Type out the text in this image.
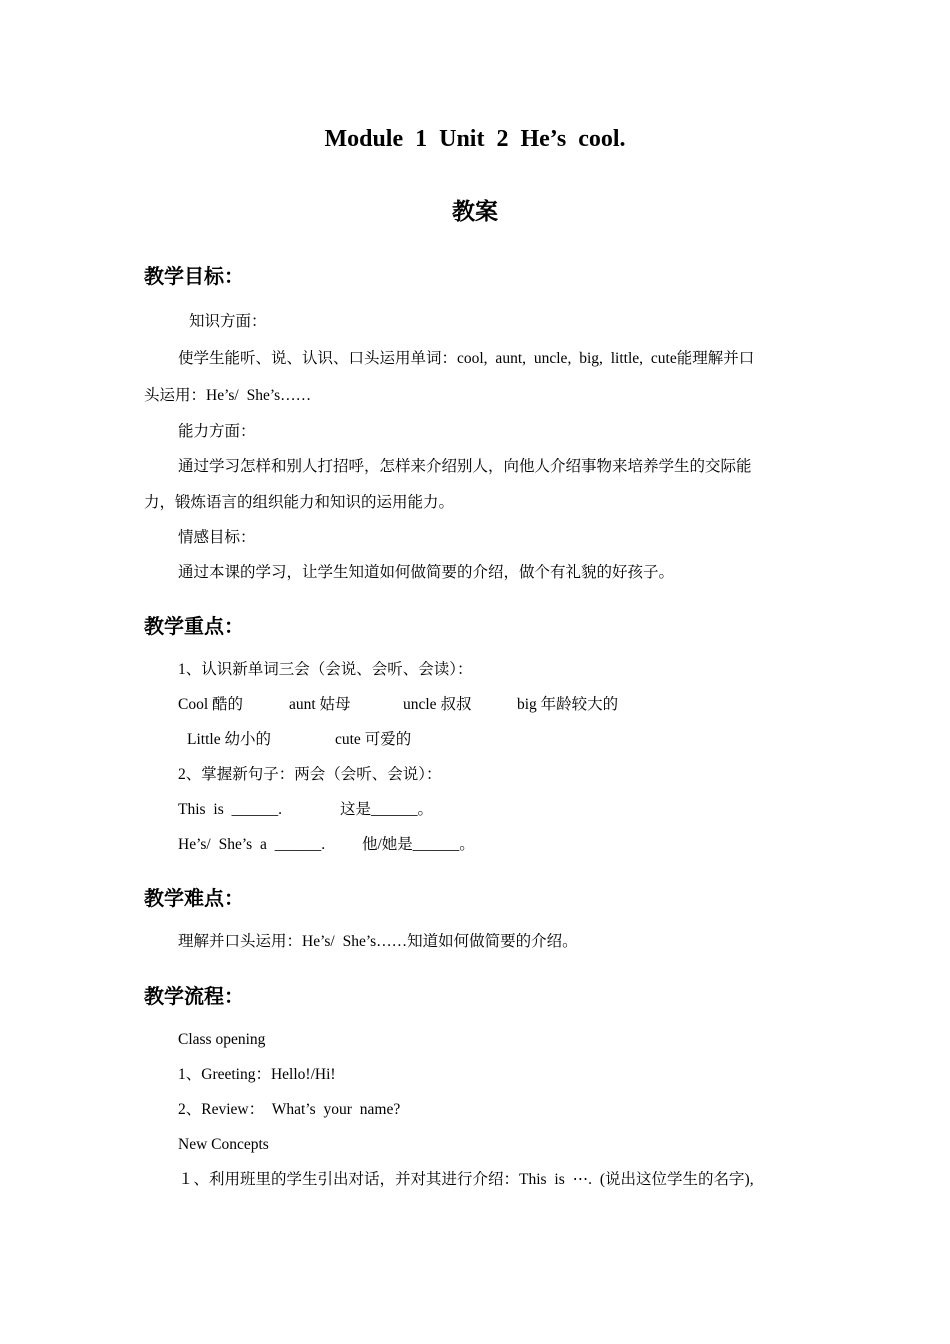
Module 1 Unit 2 He’s cool.
教案
教学目标：
知识方面：
使学生能听、说、认识、口头运用单词：cool, aunt, uncle, big, little, cute能理解并口
头运用：He’s/ She’s……
能力方面：
通过学习怎样和别人打招呼，怎样来介绍别人，向他人介绍事物来培养学生的交际能
力，锻炼语言的组织能力和知识的运用能力。
情感目标：
通过本课的学习，让学生知道如何做简要的介绍，做个有礼貌的好孩子。
教学重点：
1、认识新单词三会（会说、会听、会读）：
Cool 酷的	aunt 姑母	uncle 叔叔	big 年龄较大的
Little 幼小的	cute 可爱的
2、掌握新句子：两会（会听、会说）：
This is ______.	这是______。
He’s/ She’s a ______. 他/她是______。
教学难点：
理解并口头运用：He’s/ She’s……知道如何做简要的介绍。
教学流程：
Class opening
1、Greeting：Hello!/Hi!
2、Review： What’s your name?
New Concepts
１、利用班里的学生引出对话，并对其进行介绍：This is ⋯. (说出这位学生的名字),
